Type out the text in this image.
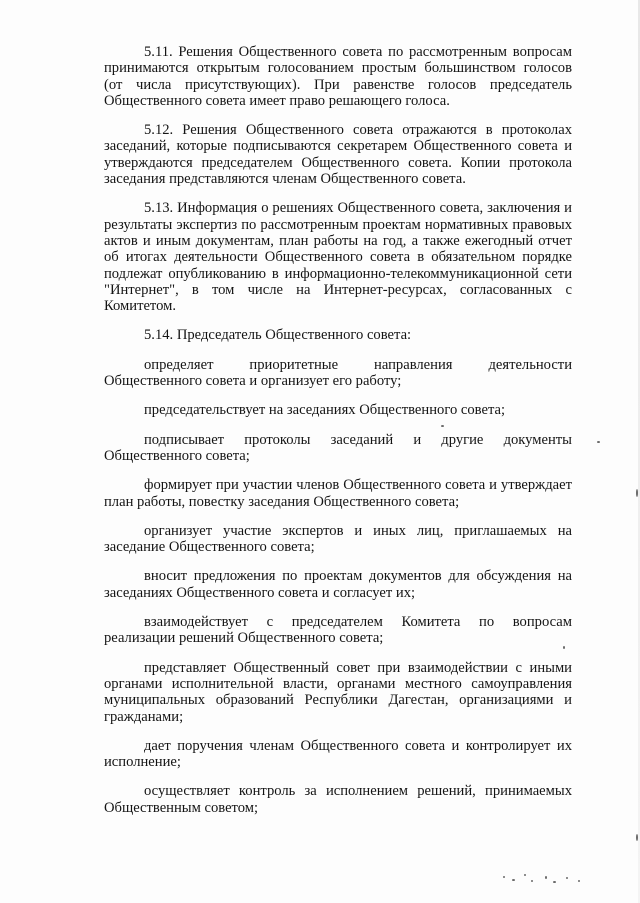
5.11. Решения Общественного совета по рассмотренным вопросам принимаются открытым голосованием простым большинством голосов (от числа присутствующих). При равенстве голосов председатель Общественного совета имеет право решающего голоса.

5.12. Решения Общественного совета отражаются в протоколах заседаний, которые подписываются секретарем Общественного совета и утверждаются председателем Общественного совета. Копии протокола заседания представляются членам Общественного совета.

5.13. Информация о решениях Общественного совета, заключения и результаты экспертиз по рассмотренным проектам нормативных правовых актов и иным документам, план работы на год, а также ежегодный отчет об итогах деятельности Общественного совета в обязательном порядке подлежат опубликованию в информационно-телекоммуникационной сети "Интернет", в том числе на Интернет-ресурсах, согласованных с Комитетом.

5.14. Председатель Общественного совета:

определяет приоритетные направления деятельности Общественного совета и организует его работу;

председательствует на заседаниях Общественного совета;

подписывает протоколы заседаний и другие документы Общественного совета;

формирует при участии членов Общественного совета и утверждает план работы, повестку заседания Общественного совета;

организует участие экспертов и иных лиц, приглашаемых на заседание Общественного совета;

вносит предложения по проектам документов для обсуждения на заседаниях Общественного совета и согласует их;

взаимодействует с председателем Комитета по вопросам реализации решений Общественного совета;

представляет Общественный совет при взаимодействии с иными органами исполнительной власти, органами местного самоуправления муниципальных образований Республики Дагестан, организациями и гражданами;

дает поручения членам Общественного совета и контролирует их исполнение;

осуществляет контроль за исполнением решений, принимаемых Общественным советом;
